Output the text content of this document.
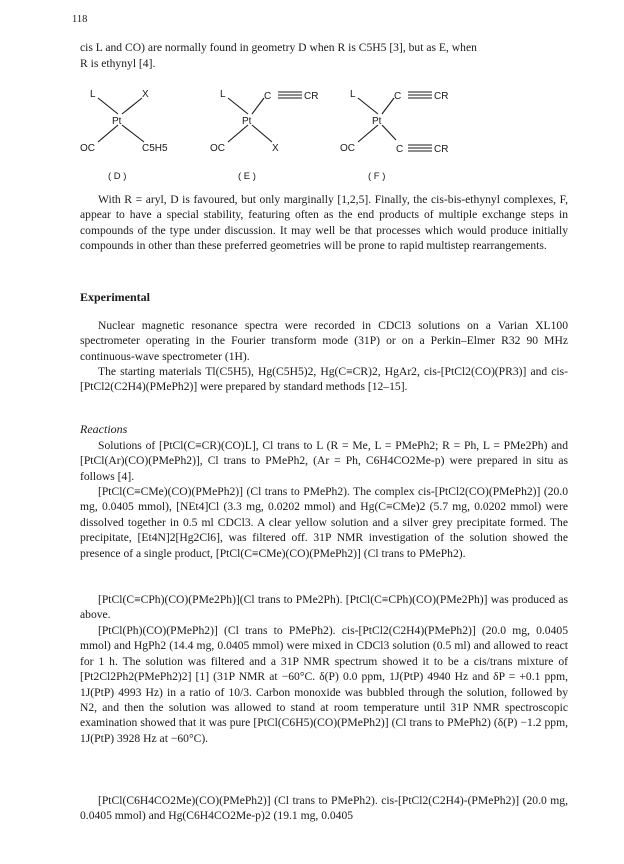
118

cis L and CO) are normally found in geometry D when R is C5H5 [3], but as E, when

R is ethynyl [4].

L	X
Pt
OC	C5H5
( D )
L	C	CR
Pt
OC	X
( E )
L	C	CR
Pt
OC	C	CR
( F )

With R = aryl, D is favoured, but only marginally [1,2,5]. Finally, the cis-bis-ethynyl complexes, F, appear to have a special stability, featuring often as the end products of multiple exchange steps in compounds of the type under discussion. It may well be that processes which would produce initially compounds in other than these preferred geometries will be prone to rapid multistep rearrangements.

Experimental

Nuclear magnetic resonance spectra were recorded in CDCl3 solutions on a Varian XL100 spectrometer operating in the Fourier transform mode (31P) or on a Perkin–Elmer R32 90 MHz continuous-wave spectrometer (1H).

The starting materials Tl(C5H5), Hg(C5H5)2, Hg(C≡CR)2, HgAr2, cis-[PtCl2(CO)(PR3)] and cis-[PtCl2(C2H4)(PMePh2)] were prepared by standard methods [12–15].

Reactions

Solutions of [PtCl(C≡CR)(CO)L], Cl trans to L (R = Me, L = PMePh2; R = Ph, L = PMe2Ph) and [PtCl(Ar)(CO)(PMePh2)], Cl trans to PMePh2, (Ar = Ph, C6H4CO2Me-p) were prepared in situ as follows [4].

[PtCl(C≡CMe)(CO)(PMePh2)] (Cl trans to PMePh2). The complex cis-[PtCl2(CO)(PMePh2)] (20.0 mg, 0.0405 mmol), [NEt4]Cl (3.3 mg, 0.0202 mmol) and Hg(C≡CMe)2 (5.7 mg, 0.0202 mmol) were dissolved together in 0.5 ml CDCl3. A clear yellow solution and a silver grey precipitate formed. The precipitate, [Et4N]2[Hg2Cl6], was filtered off. 31P NMR investigation of the solution showed the presence of a single product, [PtCl(C≡CMe)(CO)(PMePh2)] (Cl trans to PMePh2).

[PtCl(C≡CPh)(CO)(PMe2Ph)](Cl trans to PMe2Ph). [PtCl(C≡CPh)(CO)(PMe2Ph)] was produced as above.

[PtCl(Ph)(CO)(PMePh2)] (Cl trans to PMePh2). cis-[PtCl2(C2H4)(PMePh2)] (20.0 mg, 0.0405 mmol) and HgPh2 (14.4 mg, 0.0405 mmol) were mixed in CDCl3 solution (0.5 ml) and allowed to react for 1 h. The solution was filtered and a 31P NMR spectrum showed it to be a cis/trans mixture of [Pt2Cl2Ph2(PMePh2)2] [1] (31P NMR at −60°C. δ(P) 0.0 ppm, 1J(PtP) 4940 Hz and δP = +0.1 ppm, 1J(PtP) 4993 Hz) in a ratio of 10/3. Carbon monoxide was bubbled through the solution, followed by N2, and then the solution was allowed to stand at room temperature until 31P NMR spectroscopic examination showed that it was pure [PtCl(C6H5)(CO)(PMePh2)] (Cl trans to PMePh2) (δ(P) −1.2 ppm, 1J(PtP) 3928 Hz at −60°C).

[PtCl(C6H4CO2Me)(CO)(PMePh2)] (Cl trans to PMePh2). cis-[PtCl2(C2H4)-(PMePh2)] (20.0 mg, 0.0405 mmol) and Hg(C6H4CO2Me-p)2 (19.1 mg, 0.0405
